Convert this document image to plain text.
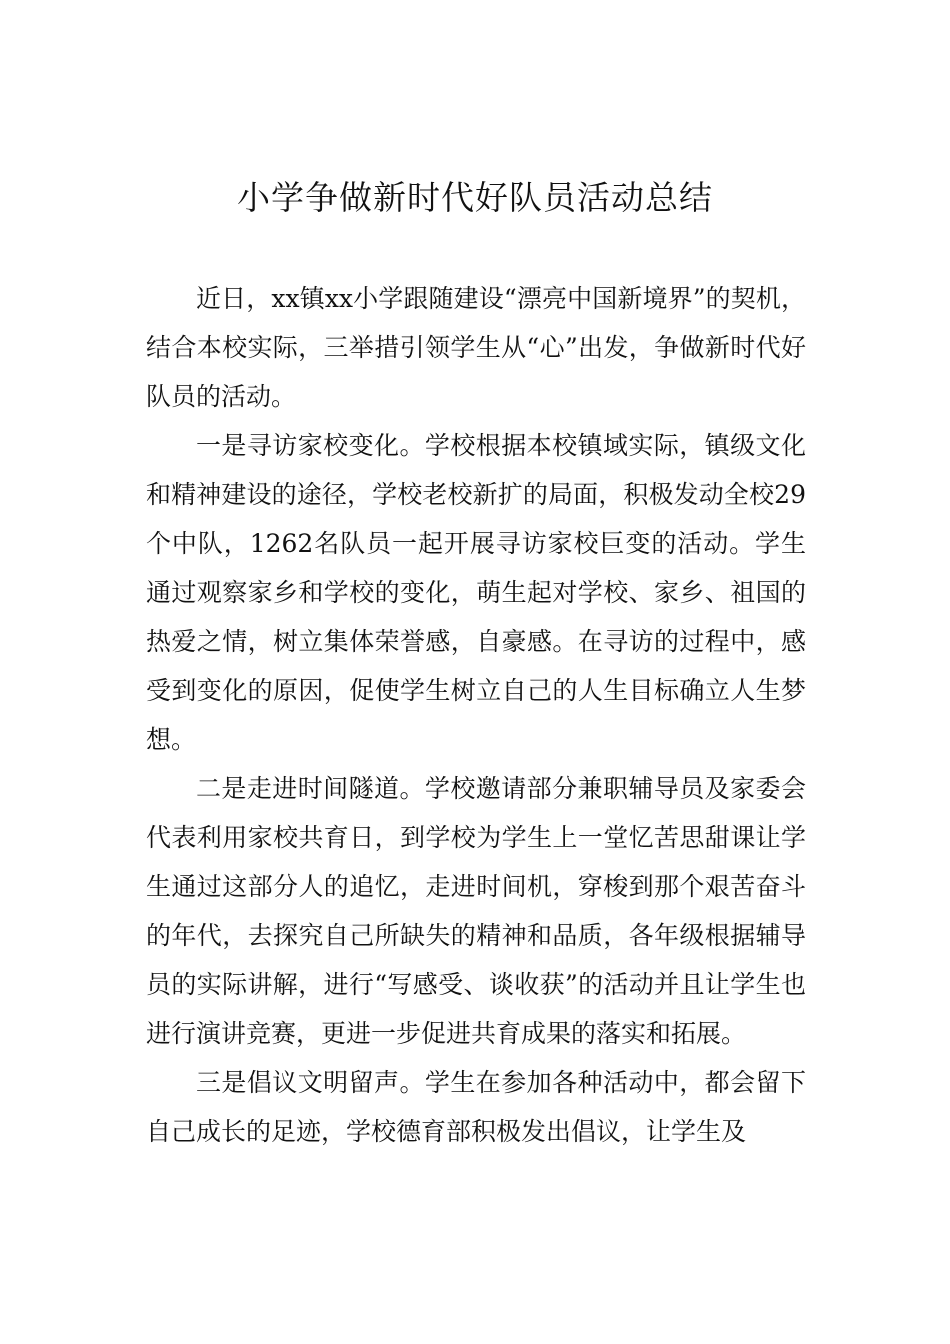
小学争做新时代好队员活动总结

近日，xx镇xx小学跟随建设“漂亮中国新境界”的契机，结合本校实际，三举措引领学生从“心”出发，争做新时代好队员的活动。

一是寻访家校变化。学校根据本校镇域实际，镇级文化和精神建设的途径，学校老校新扩的局面，积极发动全校29个中队，1262名队员一起开展寻访家校巨变的活动。学生通过观察家乡和学校的变化，萌生起对学校、家乡、祖国的热爱之情，树立集体荣誉感，自豪感。在寻访的过程中，感受到变化的原因，促使学生树立自己的人生目标确立人生梦想。

二是走进时间隧道。学校邀请部分兼职辅导员及家委会代表利用家校共育日，到学校为学生上一堂忆苦思甜课让学生通过这部分人的追忆，走进时间机，穿梭到那个艰苦奋斗的年代，去探究自己所缺失的精神和品质，各年级根据辅导员的实际讲解，进行“写感受、谈收获”的活动并且让学生也进行演讲竞赛，更进一步促进共育成果的落实和拓展。

三是倡议文明留声。学生在参加各种活动中，都会留下自己成长的足迹，学校德育部积极发出倡议，让学生及
